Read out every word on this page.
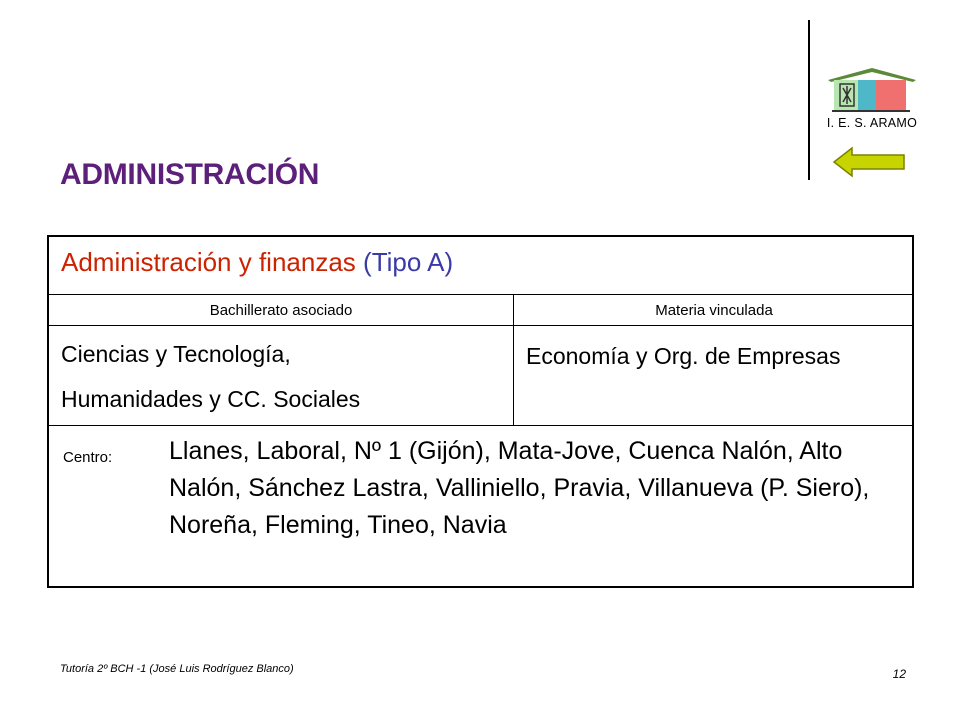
I. E. S. ARAMO
ADMINISTRACIÓN
Administración y finanzas (Tipo A)
Bachillerato asociado	Materia vinculada
Ciencias y Tecnología,
Humanidades y CC. Sociales
Economía y Org. de Empresas
Centro: Llanes, Laboral, Nº 1 (Gijón), Mata-Jove, Cuenca Nalón, Alto Nalón, Sánchez Lastra, Valliniello, Pravia, Villanueva (P. Siero), Noreña, Fleming, Tineo, Navia
Tutoría 2º BCH -1 (José Luis Rodríguez Blanco)	12
